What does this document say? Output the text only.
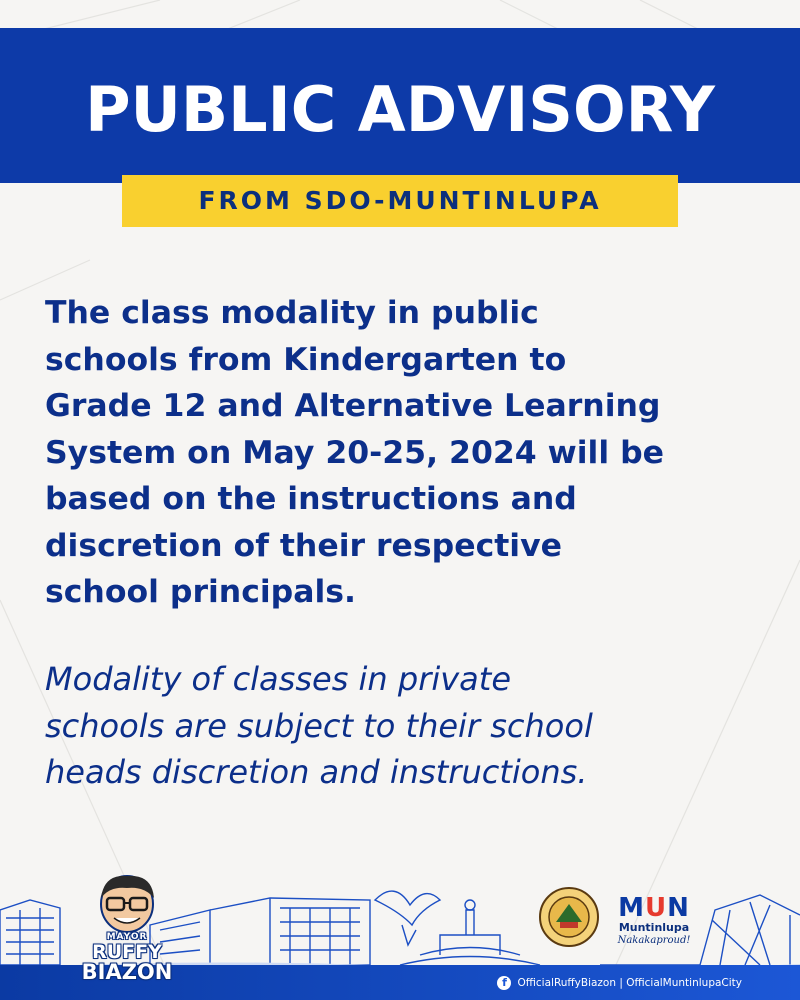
PUBLIC ADVISORY
FROM SDO-MUNTINLUPA
The class modality in public
schools from Kindergarten to
Grade 12 and Alternative Learning
System on May 20-25, 2024 will be
based on the instructions and
discretion of their respective
school principals.
Modality of classes in private
schools are subject to their school
heads discretion and instructions.
MAYOR
RUFFY
BIAZON
MUN
Muntinlupa
Nakakaproud!
f	OfficialRuffyBiazon | OfficialMuntinlupaCity
